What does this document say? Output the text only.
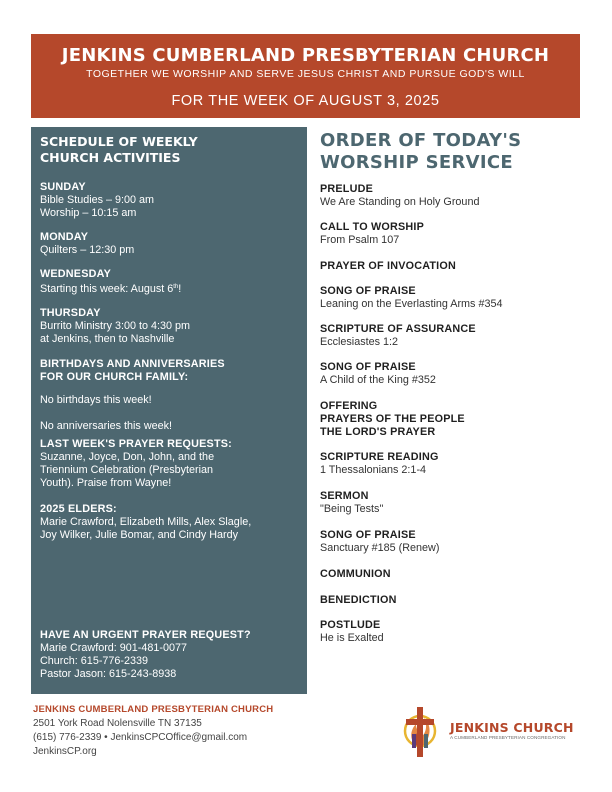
JENKINS CUMBERLAND PRESBYTERIAN CHURCH
TOGETHER WE WORSHIP AND SERVE JESUS CHRIST AND PURSUE GOD'S WILL
FOR THE WEEK OF AUGUST 3, 2025
SCHEDULE OF WEEKLY
CHURCH ACTIVITIES
SUNDAY

Bible Studies – 9:00 am

Worship – 10:15 am

MONDAY

Quilters – 12:30 pm

WEDNESDAY

Starting this week: August 6th!

THURSDAY

Burrito Ministry 3:00 to 4:30 pm

at Jenkins, then to Nashville

BIRTHDAYS AND ANNIVERSARIES
FOR OUR CHURCH FAMILY:

No birthdays this week!

No anniversaries this week!

LAST WEEK'S PRAYER REQUESTS:

Suzanne, Joyce, Don, John, and the

Triennium Celebration (Presbyterian

Youth). Praise from Wayne!

2025 ELDERS:

Marie Crawford, Elizabeth Mills, Alex Slagle,

Joy Wilker, Julie Bomar, and Cindy Hardy

HAVE AN URGENT PRAYER REQUEST?

Marie Crawford: 901-481-0077

Church: 615-776-2339

Pastor Jason: 615-243-8938

ORDER OF TODAY'S
WORSHIP SERVICE
PRELUDE
We Are Standing on Holy Ground
CALL TO WORSHIP
From Psalm 107
PRAYER OF INVOCATION
SONG OF PRAISE
Leaning on the Everlasting Arms #354
SCRIPTURE OF ASSURANCE
Ecclesiastes 1:2
SONG OF PRAISE
A Child of the King #352
OFFERING
PRAYERS OF THE PEOPLE
THE LORD'S PRAYER
SCRIPTURE READING
1 Thessalonians 2:1-4
SERMON
"Being Tests"
SONG OF PRAISE
Sanctuary #185 (Renew)
COMMUNION
BENEDICTION
POSTLUDE
He is Exalted
JENKINS CUMBERLAND PRESBYTERIAN CHURCH
2501 York Road Nolensville TN 37135
(615) 776-2339 • JenkinsCPCOffice@gmail.com
JenkinsCP.org
JENKINS CHURCH
A CUMBERLAND PRESBYTERIAN CONGREGATION
